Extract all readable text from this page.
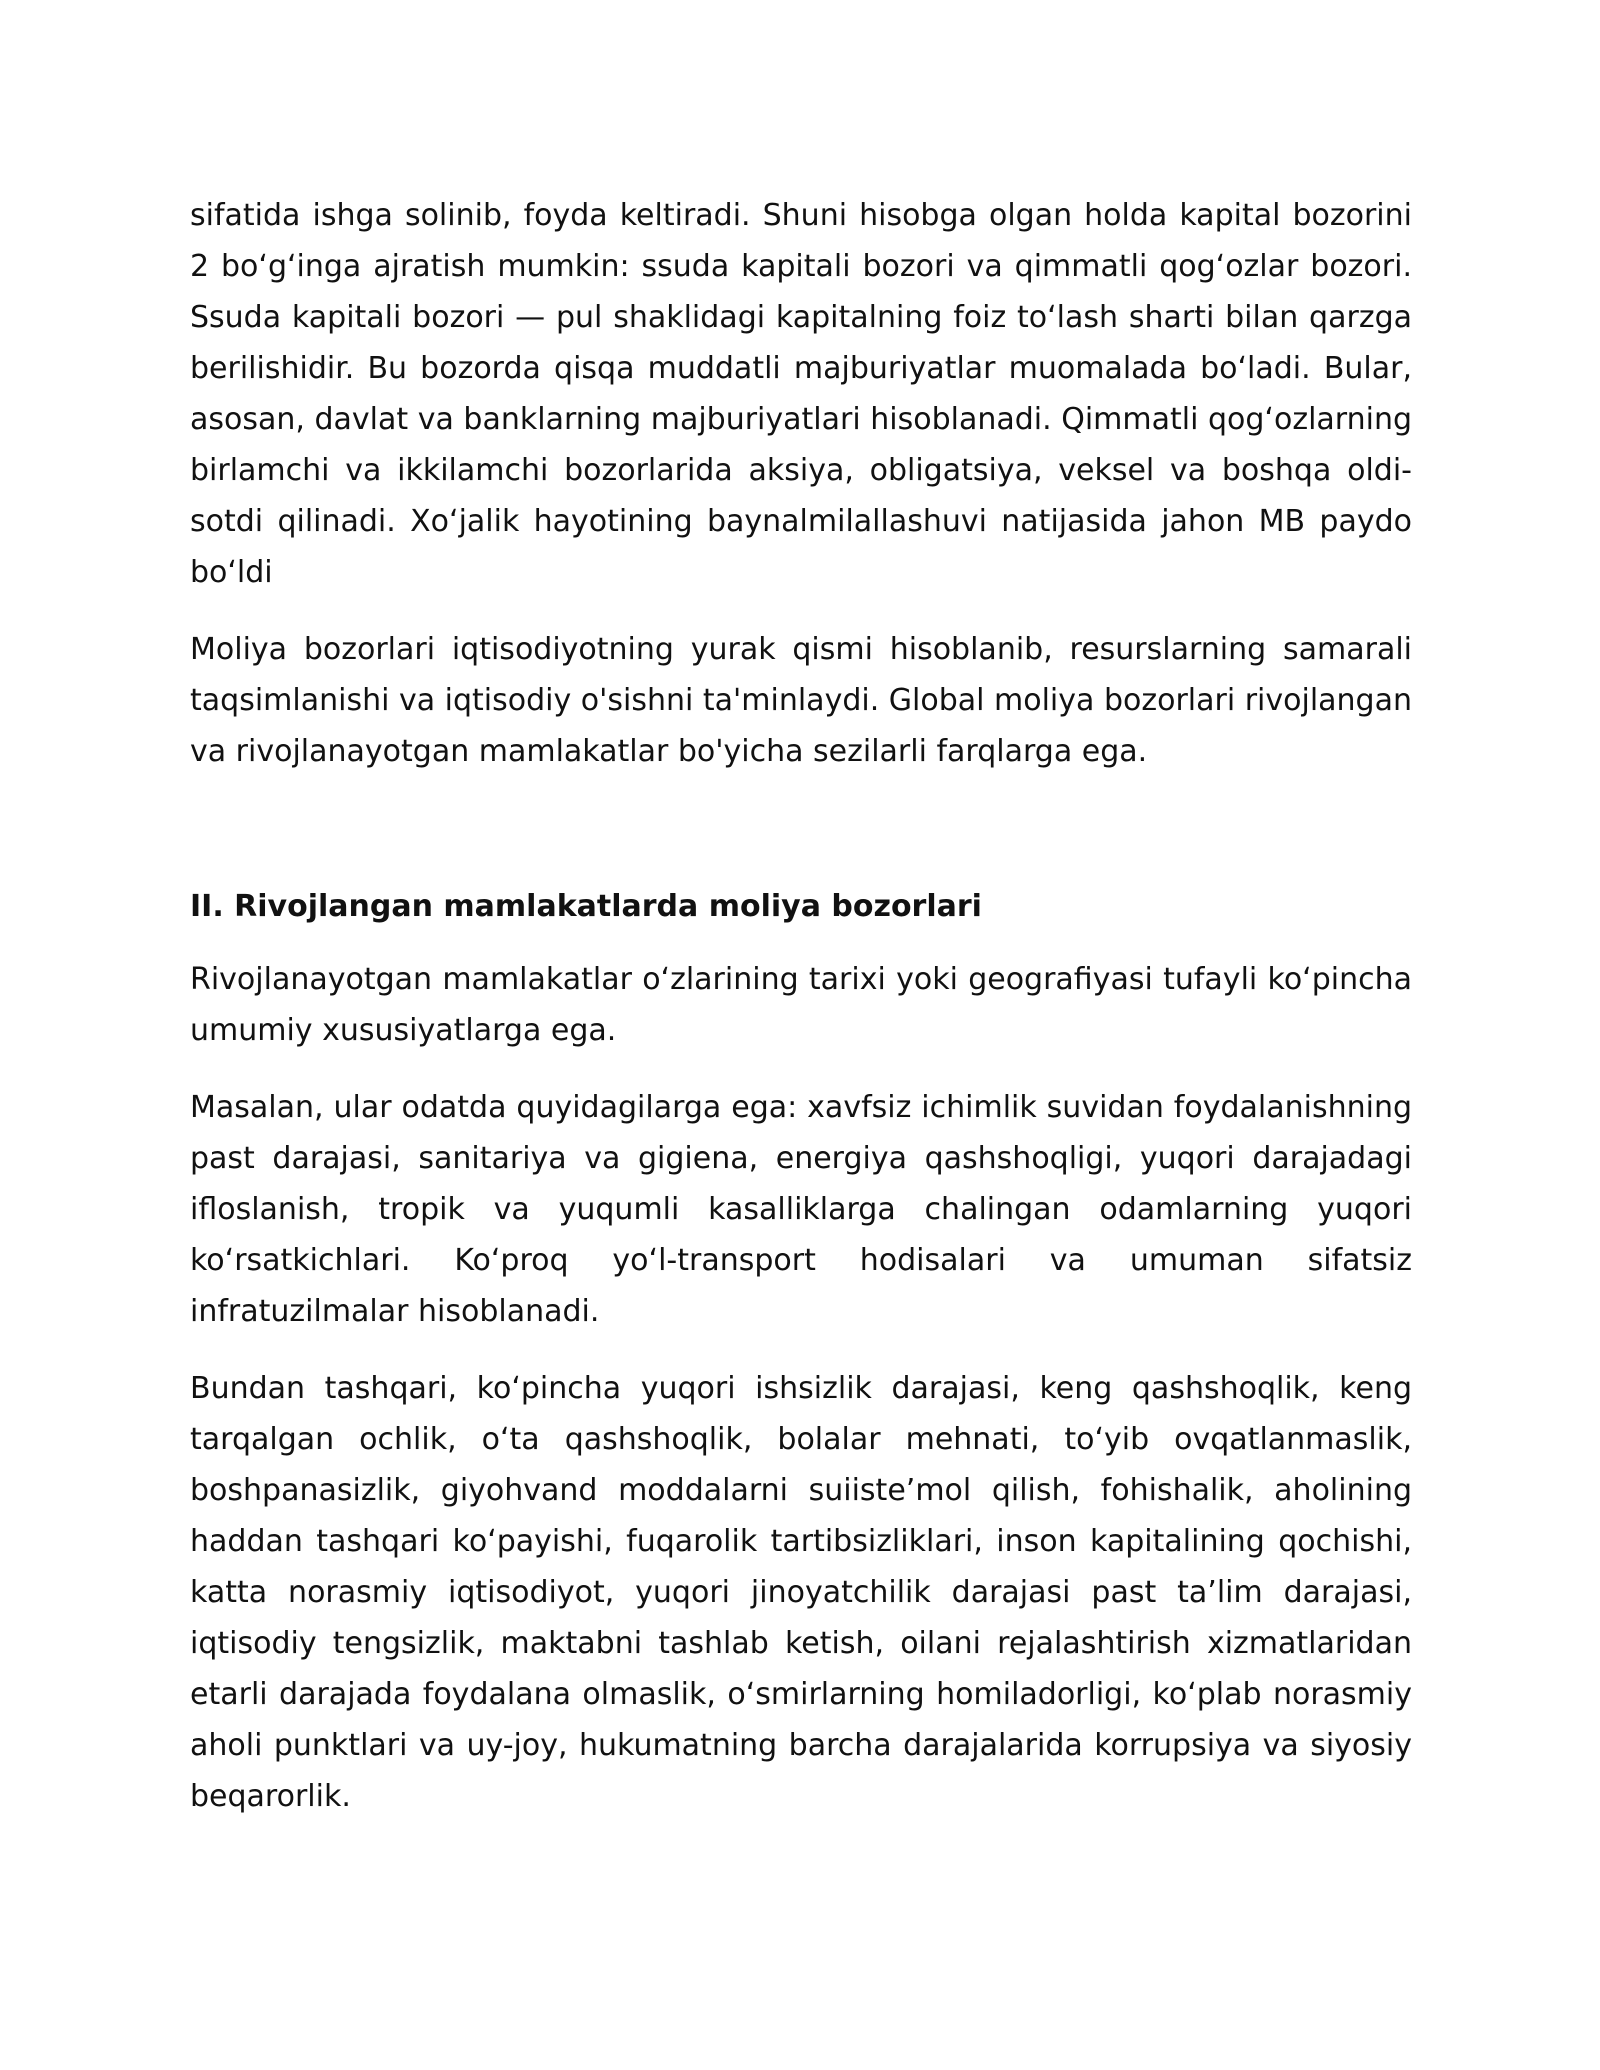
sifatida ishga solinib, foyda keltiradi. Shuni hisobga olgan holda kapital bozorini 2 boʻgʻinga ajratish mumkin: ssuda kapitali bozori va qimmatli qogʻozlar bozori. Ssuda kapitali bozori — pul shaklidagi kapitalning foiz toʻlash sharti bilan qarzga berilishidir. Bu bozorda qisqa muddatli majburiyatlar muomalada boʻladi. Bular, asosan, davlat va banklarning majburiyatlari hisoblanadi. Qimmatli qogʻozlarning birlamchi va ikkilamchi bozorlarida aksiya, obligatsiya, veksel va boshqa oldi-sotdi qilinadi. Xoʻjalik hayotining baynalmilallashuvi natijasida jahon MB paydo boʻldi

Moliya bozorlari iqtisodiyotning yurak qismi hisoblanib, resurslarning samarali taqsimlanishi va iqtisodiy o'sishni ta'minlaydi. Global moliya bozorlari rivojlangan va rivojlanayotgan mamlakatlar bo'yicha sezilarli farqlarga ega.

II. Rivojlangan mamlakatlarda moliya bozorlari

Rivojlanayotgan mamlakatlar oʻzlarining tarixi yoki geografiyasi tufayli koʻpincha umumiy xususiyatlarga ega.

Masalan, ular odatda quyidagilarga ega: xavfsiz ichimlik suvidan foydalanishning past darajasi, sanitariya va gigiena, energiya qashshoqligi, yuqori darajadagi ifloslanish, tropik va yuqumli kasalliklarga chalingan odamlarning yuqori koʻrsatkichlari. Koʻproq yoʻl-transport hodisalari va umuman sifatsiz infratuzilmalar hisoblanadi.

Bundan tashqari, koʻpincha yuqori ishsizlik darajasi, keng qashshoqlik, keng tarqalgan ochlik, oʻta qashshoqlik, bolalar mehnati, toʻyib ovqatlanmaslik, boshpanasizlik, giyohvand moddalarni suiisteʼmol qilish, fohishalik, aholining haddan tashqari koʻpayishi, fuqarolik tartibsizliklari, inson kapitalining qochishi, katta norasmiy iqtisodiyot, yuqori jinoyatchilik darajasi past taʼlim darajasi, iqtisodiy tengsizlik, maktabni tashlab ketish, oilani rejalashtirish xizmatlaridan etarli darajada foydalana olmaslik, oʻsmirlarning homiladorligi, koʻplab norasmiy aholi punktlari va uy-joy, hukumatning barcha darajalarida korrupsiya va siyosiy beqarorlik.
